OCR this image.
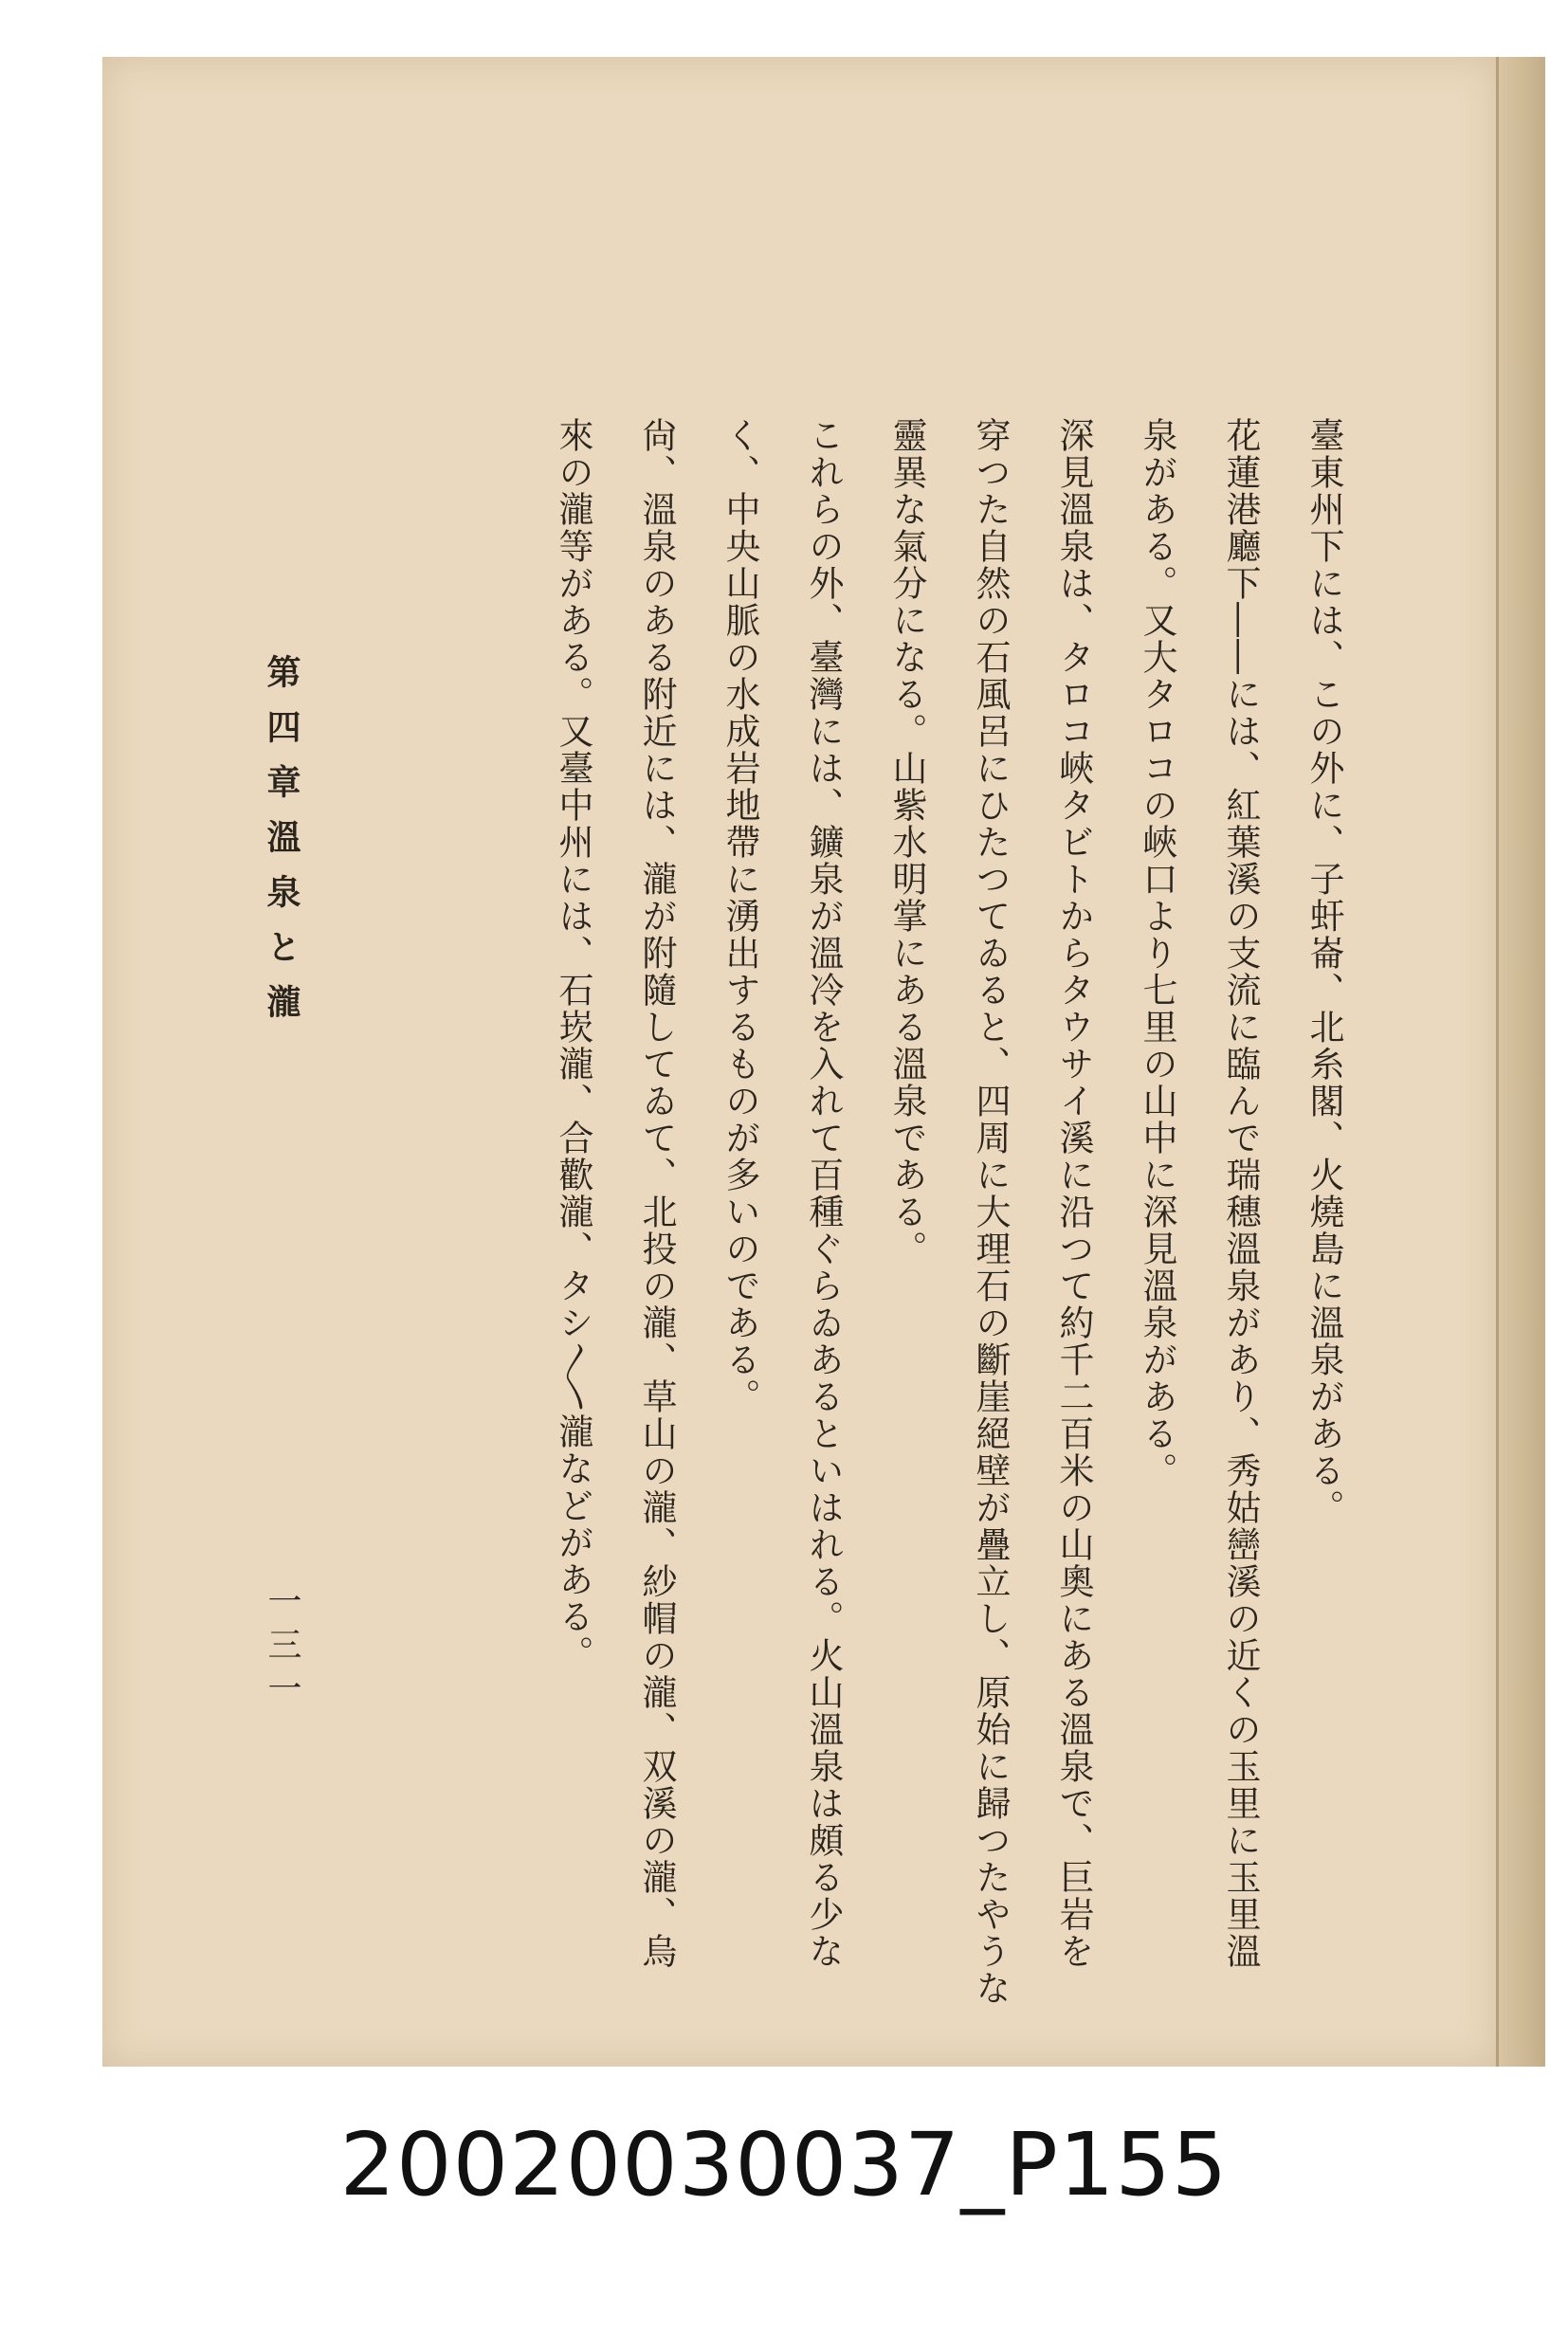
臺東州下には、この外に、子虷崙、北糸閣、火燒島に溫泉がある。
花蓮港廳下――には、紅葉溪の支流に臨んで瑞穗溫泉があり、秀姑巒溪の近くの玉里に玉里溫
泉がある。又大タロコの峽口より七里の山中に深見溫泉がある。
深見溫泉は、タロコ峽タビトからタウサイ溪に沿つて約千二百米の山奧にある溫泉で、巨岩を
穿つた自然の石風呂にひたつてゐると、四周に大理石の斷崖絕壁が疊立し、原始に歸つたやうな
靈異な氣分になる。山紫水明掌にある溫泉である。
これらの外、臺灣には、鑛泉が溫冷を入れて百種ぐらゐあるといはれる。火山溫泉は頗る少な
く、中央山脈の水成岩地帶に湧出するものが多いのである。
尙、溫泉のある附近には、瀧が附隨してゐて、北投の瀧、草山の瀧、紗帽の瀧、双溪の瀧、烏
來の瀧等がある。又臺中州には、石崁瀧、合歡瀧、タシ〳〵瀧などがある。
第四章溫泉と瀧
一三一
20020030037_P155
